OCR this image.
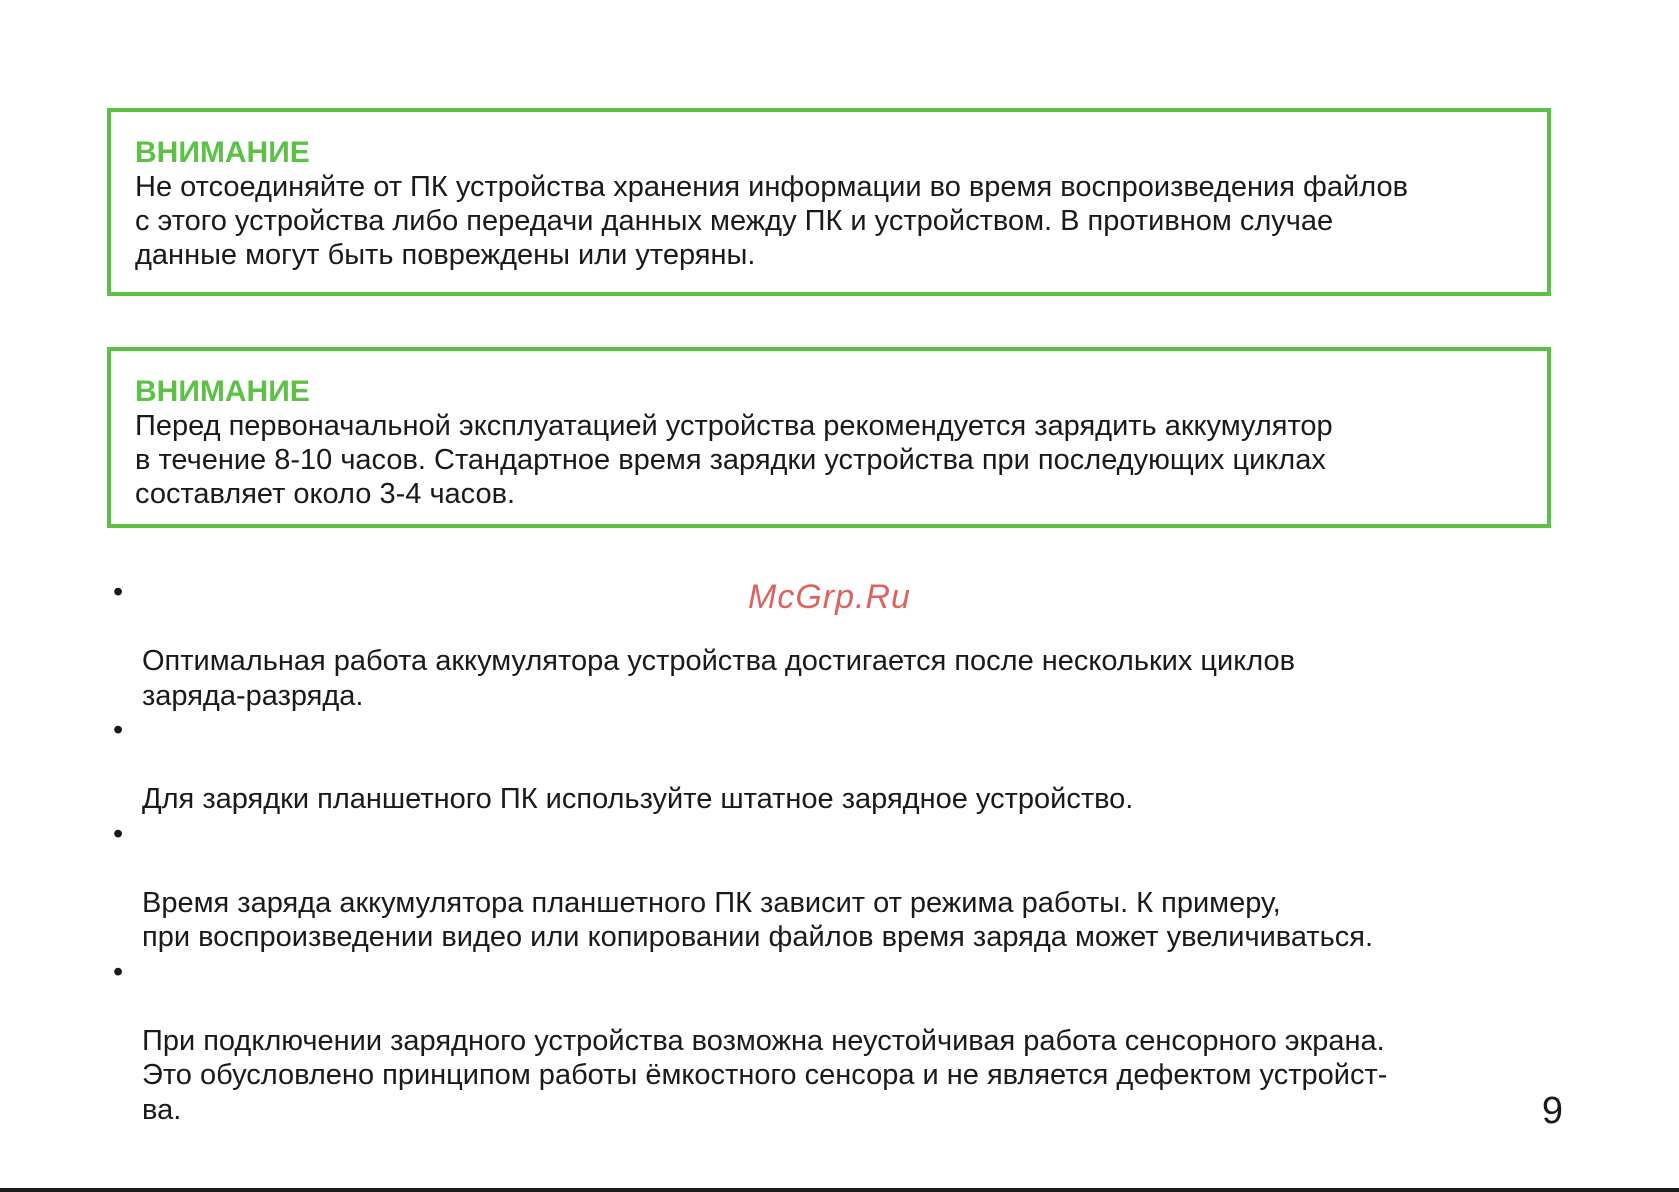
ВНИМАНИЕ

Не отсоединяйте от ПК устройства хранения информации во время воспроизведения файлов
с этого устройства либо передачи данных между ПК и устройством. В противном случае
данные могут быть повреждены или утеряны.

ВНИМАНИЕ

Перед первоначальной эксплуатацией устройства рекомендуется зарядить аккумулятор
в течение 8-10 часов. Стандартное время зарядки устройства при последующих циклах
составляет около 3-4 часов.

•

Оптимальная работа аккумулятора устройства достигается после нескольких циклов
заряда-разряда.

•

Для зарядки планшетного ПК используйте штатное зарядное устройство.

•

Время заряда аккумулятора планшетного ПК зависит от режима работы. К примеру,
при воспроизведении видео или копировании файлов время заряда может увеличиваться.

•

При подключении зарядного устройства возможна неустойчивая работа сенсорного экрана.
Это обусловлено принципом работы ёмкостного сенсора и не является дефектом устройст-
ва.

McGrp.Ru
9
